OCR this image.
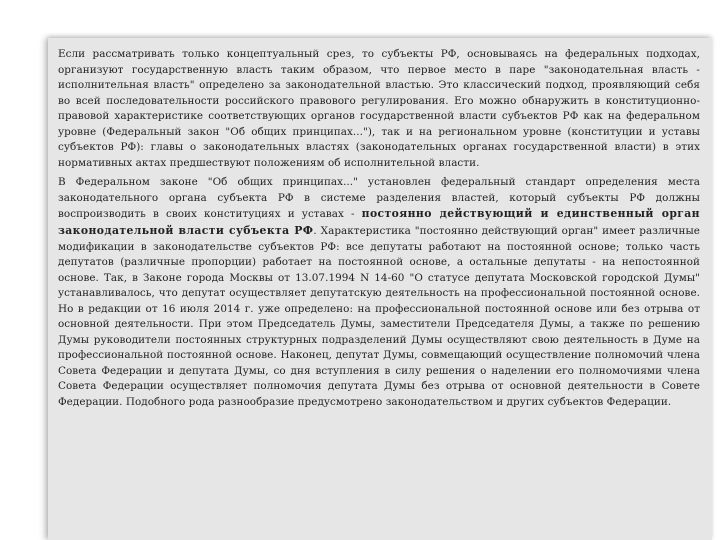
Если рассматривать только концептуальный срез, то субъекты РФ, основываясь на федеральных подходах, организуют государственную власть таким образом, что первое место в паре "законодательная власть - исполнительная власть" определено за законодательной властью. Это классический подход, проявляющий себя во всей последовательности российского правового регулирования. Его можно обнаружить в конституционно-правовой характеристике соответствующих органов государственной власти субъектов РФ как на федеральном уровне (Федеральный закон "Об общих принципах..."), так и на региональном уровне (конституции и уставы субъектов РФ): главы о законодательных властях (законодательных органах государственной власти) в этих нормативных актах предшествуют положениям об исполнительной власти.

В Федеральном законе "Об общих принципах..." установлен федеральный стандарт определения места законодательного органа субъекта РФ в системе разделения властей, который субъекты РФ должны воспроизводить в своих конституциях и уставах - постоянно действующий и единственный орган законодательной власти субъекта РФ. Характеристика "постоянно действующий орган" имеет различные модификации в законодательстве субъектов РФ: все депутаты работают на постоянной основе; только часть депутатов (различные пропорции) работает на постоянной основе, а остальные депутаты - на непостоянной основе. Так, в Законе города Москвы от 13.07.1994 N 14-60 "О статусе депутата Московской городской Думы" устанавливалось, что депутат осуществляет депутатскую деятельность на профессиональной постоянной основе. Но в редакции от 16 июля 2014 г. уже определено: на профессиональной постоянной основе или без отрыва от основной деятельности. При этом Председатель Думы, заместители Председателя Думы, а также по решению Думы руководители постоянных структурных подразделений Думы осуществляют свою деятельность в Думе на профессиональной постоянной основе. Наконец, депутат Думы, совмещающий осуществление полномочий члена Совета Федерации и депутата Думы, со дня вступления в силу решения о наделении его полномочиями члена Совета Федерации осуществляет полномочия депутата Думы без отрыва от основной деятельности в Совете Федерации. Подобного рода разнообразие предусмотрено законодательством и других субъектов Федерации.
